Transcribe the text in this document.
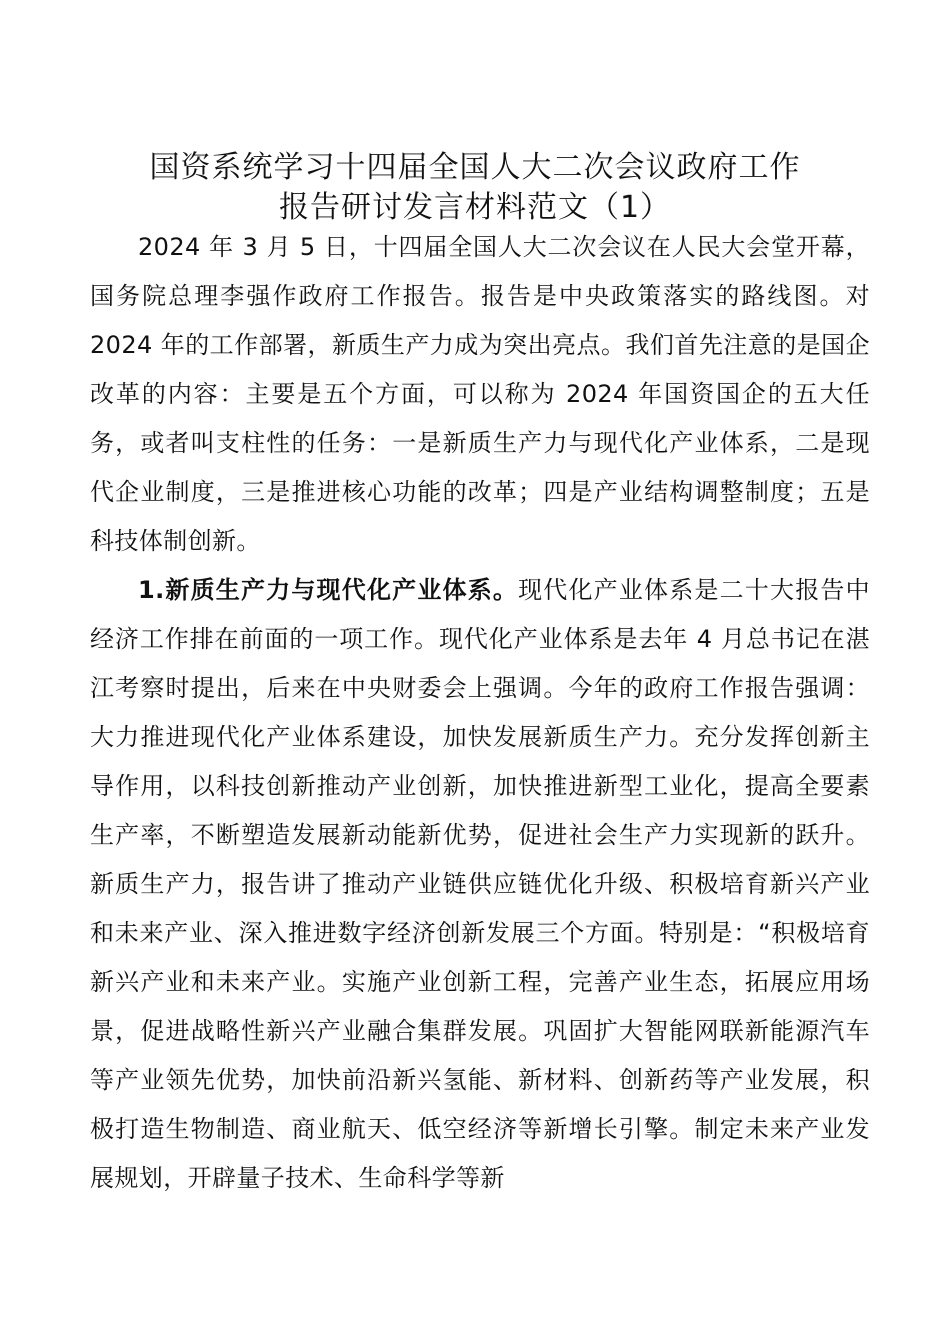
国资系统学习十四届全国人大二次会议政府工作
报告研讨发言材料范文（1）

2024 年 3 月 5 日，十四届全国人大二次会议在人民大会堂开幕，国务院总理李强作政府工作报告。报告是中央政策落实的路线图。对 2024 年的工作部署，新质生产力成为突出亮点。我们首先注意的是国企改革的内容：主要是五个方面，可以称为 2024 年国资国企的五大任务，或者叫支柱性的任务：一是新质生产力与现代化产业体系，二是现代企业制度，三是推进核心功能的改革；四是产业结构调整制度；五是科技体制创新。

1.新质生产力与现代化产业体系。现代化产业体系是二十大报告中经济工作排在前面的一项工作。现代化产业体系是去年 4 月总书记在湛江考察时提出，后来在中央财委会上强调。今年的政府工作报告强调：大力推进现代化产业体系建设，加快发展新质生产力。充分发挥创新主导作用，以科技创新推动产业创新，加快推进新型工业化，提高全要素生产率，不断塑造发展新动能新优势，促进社会生产力实现新的跃升。新质生产力，报告讲了推动产业链供应链优化升级、积极培育新兴产业和未来产业、深入推进数字经济创新发展三个方面。特别是：“积极培育新兴产业和未来产业。实施产业创新工程，完善产业生态，拓展应用场景，促进战略性新兴产业融合集群发展。巩固扩大智能网联新能源汽车等产业领先优势，加快前沿新兴氢能、新材料、创新药等产业发展，积极打造生物制造、商业航天、低空经济等新增长引擎。制定未来产业发展规划，开辟量子技术、生命科学等新
